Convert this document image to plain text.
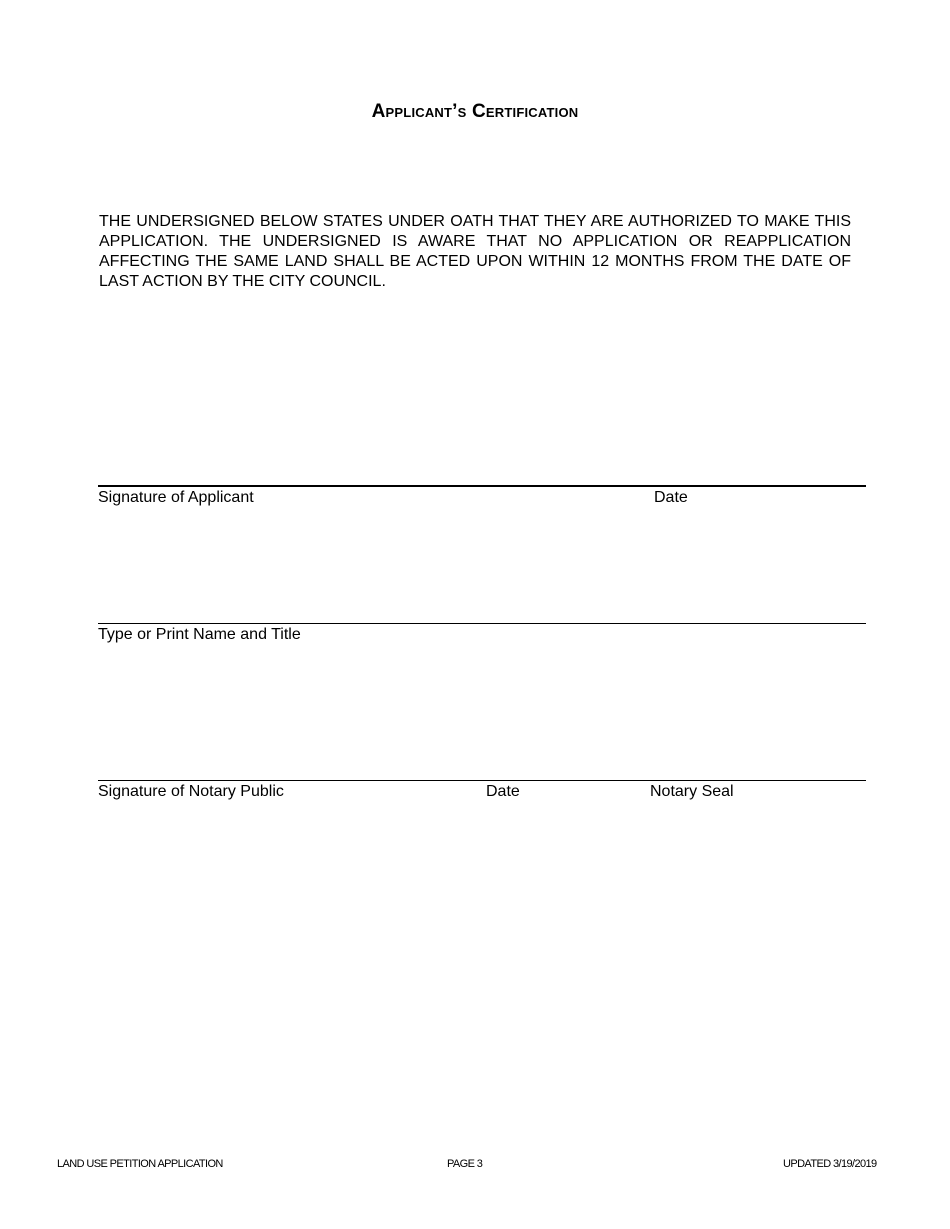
Applicant’s Certification

THE UNDERSIGNED BELOW STATES UNDER OATH THAT THEY ARE AUTHORIZED TO MAKE THIS APPLICATION. THE UNDERSIGNED IS AWARE THAT NO APPLICATION OR REAPPLICATION AFFECTING THE SAME LAND SHALL BE ACTED UPON WITHIN 12 MONTHS FROM THE DATE OF LAST ACTION BY THE CITY COUNCIL.

Signature of Applicant	Date
Type or Print Name and Title
Signature of Notary Public	Date	Notary Seal
LAND USE PETITION APPLICATION	PAGE 3	UPDATED 3/19/2019
